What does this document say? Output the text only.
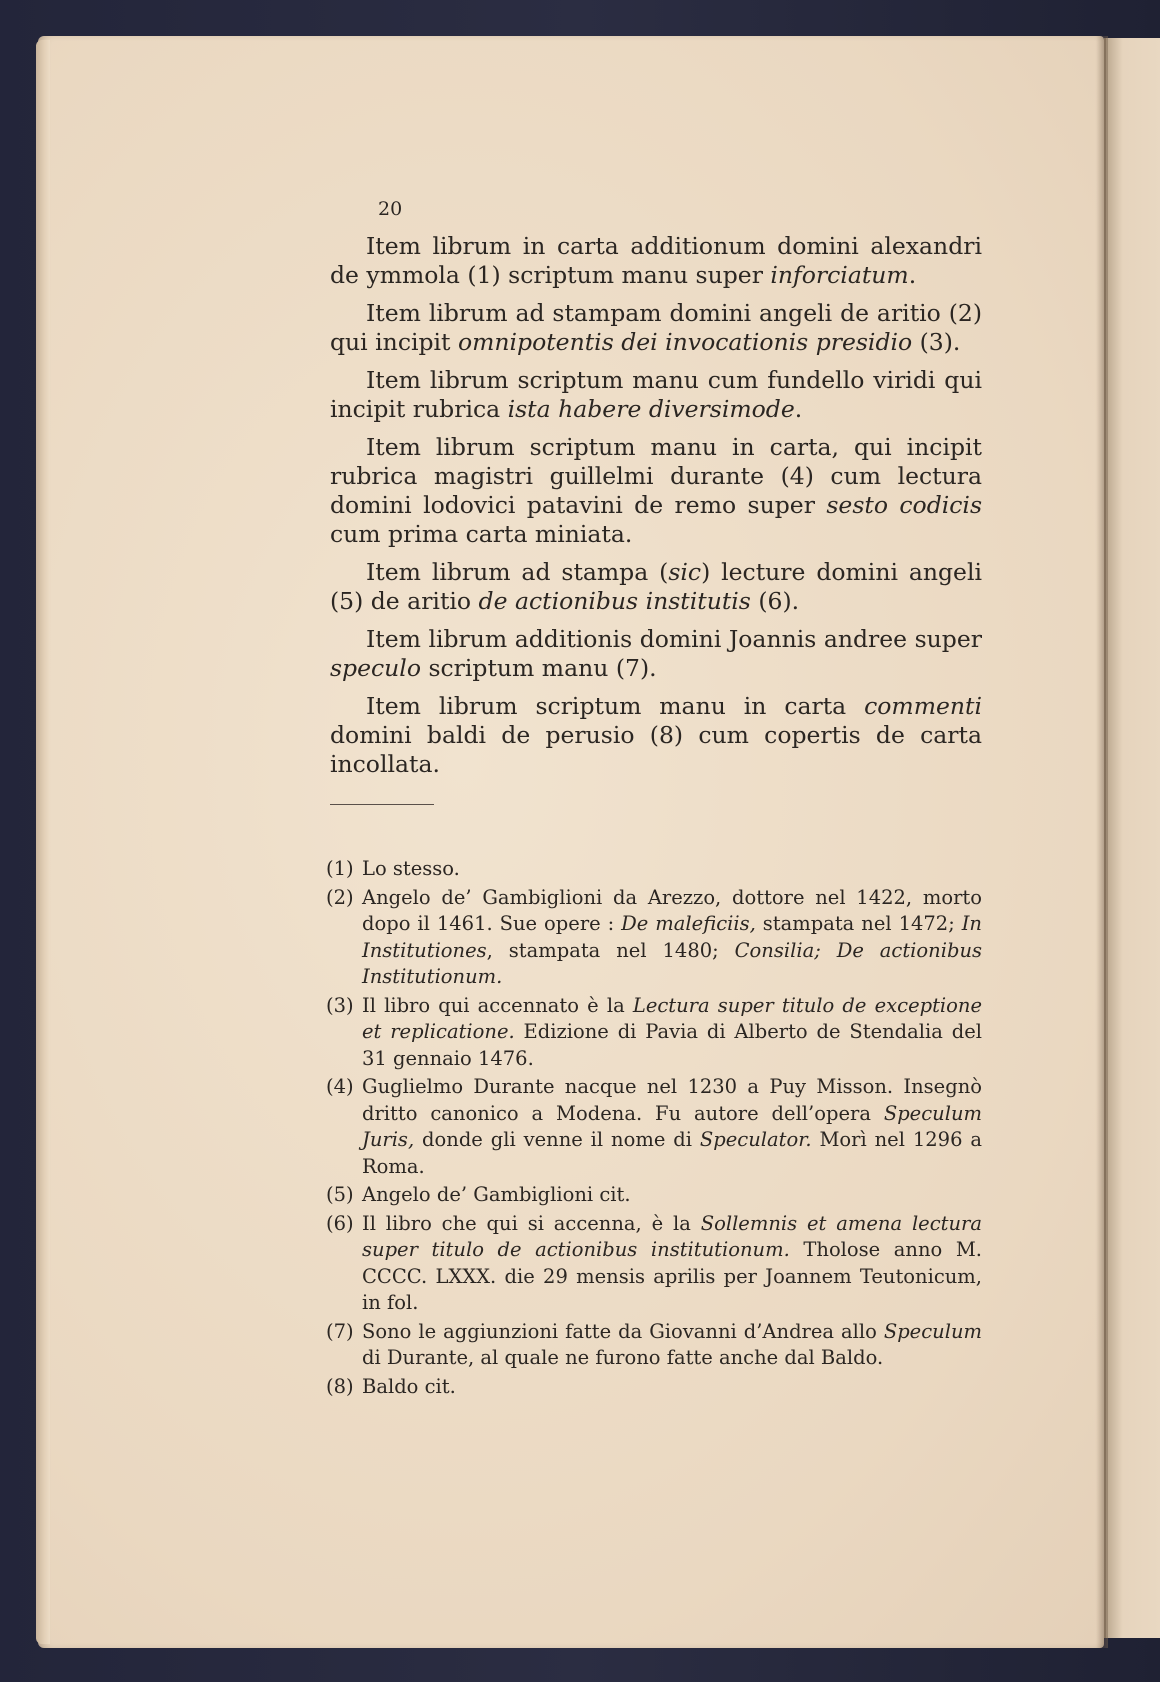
20

Item librum in carta additionum domini alexandri de ymmola (1) scriptum manu super inforciatum.

Item librum ad stampam domini angeli de aritio (2) qui incipit omnipotentis dei invocationis presidio (3).

Item librum scriptum manu cum fundello viridi qui incipit rubrica ista habere diversimode.

Item librum scriptum manu in carta, qui incipit rubrica magistri guillelmi durante (4) cum lectura domini lodovici patavini de remo super sesto codicis cum prima carta miniata.

Item librum ad stampa (sic) lecture domini angeli (5) de aritio de actionibus institutis (6).

Item librum additionis domini Joannis andree super speculo scriptum manu (7).

Item librum scriptum manu in carta commenti domini baldi de perusio (8) cum copertis de carta incollata.

(1) Lo stesso.

(2) Angelo de’ Gambiglioni da Arezzo, dottore nel 1422, morto dopo il 1461. Sue opere : De maleficiis, stampata nel 1472; In Institutiones, stampata nel 1480; Consilia; De actionibus Institutionum.

(3) Il libro qui accennato è la Lectura super titulo de exceptione et replicatione. Edizione di Pavia di Alberto de Stendalia del 31 gennaio 1476.

(4) Guglielmo Durante nacque nel 1230 a Puy Misson. Insegnò dritto canonico a Modena. Fu autore dell’opera Speculum Juris, donde gli venne il nome di Speculator. Morì nel 1296 a Roma.

(5) Angelo de’ Gambiglioni cit.

(6) Il libro che qui si accenna, è la Sollemnis et amena lectura super titulo de actionibus institutionum. Tholose anno M. CCCC. LXXX. die 29 mensis aprilis per Joannem Teutonicum, in fol.

(7) Sono le aggiunzioni fatte da Giovanni d’Andrea allo Speculum di Durante, al quale ne furono fatte anche dal Baldo.

(8) Baldo cit.
